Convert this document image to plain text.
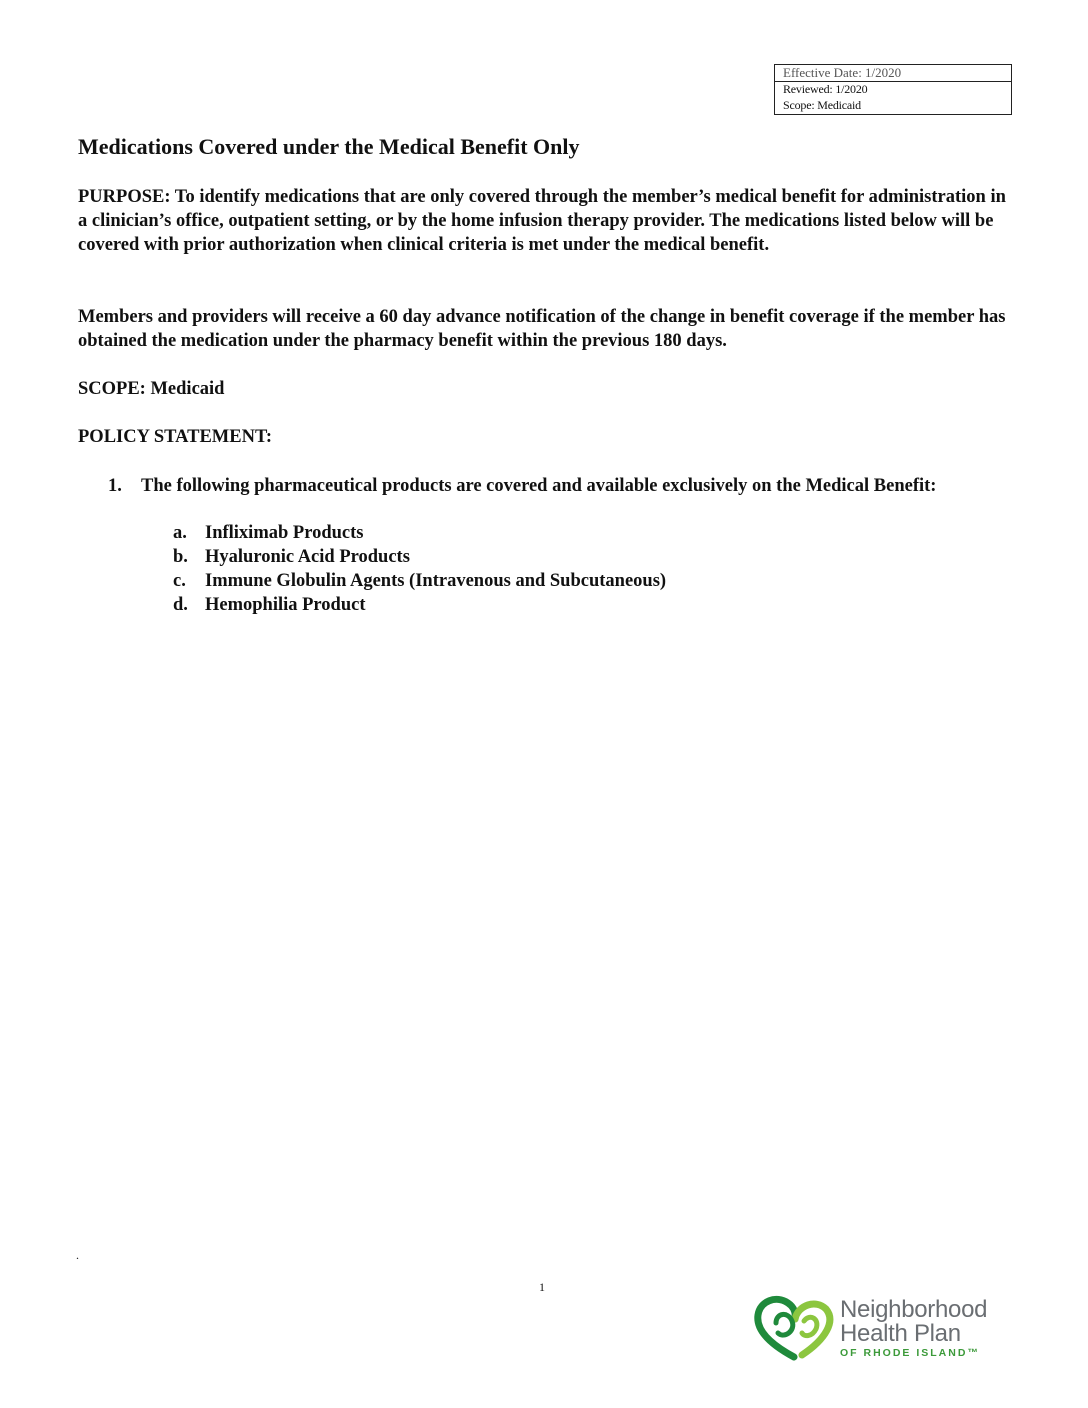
Effective Date: 1/2020
Reviewed: 1/2020
Scope: Medicaid
Medications Covered under the Medical Benefit Only

PURPOSE: To identify medications that are only covered through the member’s medical benefit for administration in a clinician’s office, outpatient setting, or by the home infusion therapy provider. The medications listed below will be covered with prior authorization when clinical criteria is met under the medical benefit.

Members and providers will receive a 60 day advance notification of the change in benefit coverage if the member has obtained the medication under the pharmacy benefit within the previous 180 days.

SCOPE: Medicaid

POLICY STATEMENT:

1. The following pharmaceutical products are covered and available exclusively on the Medical Benefit:
a. Infliximab Products
b. Hyaluronic Acid Products
c. Immune Globulin Agents (Intravenous and Subcutaneous)
d. Hemophilia Product
.
1
Neighborhood
Health Plan
OF RHODE ISLAND™
